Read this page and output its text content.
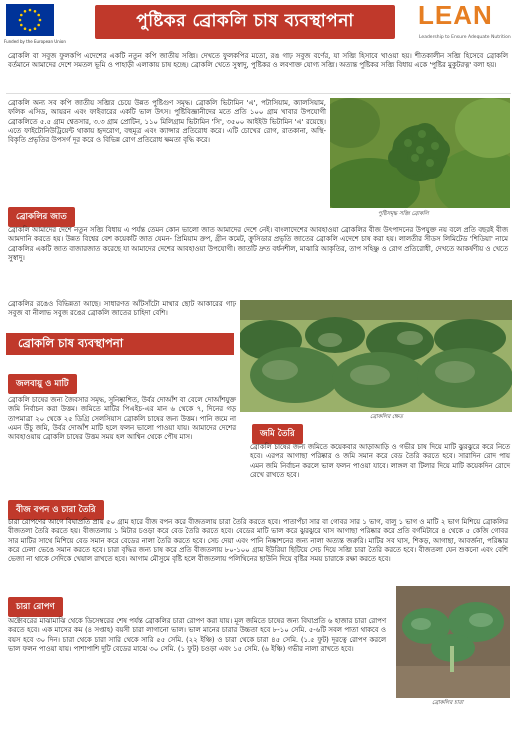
Funded by the European Union
পুষ্টিকর ব্রোকলি চাষ ব্যবস্থাপনা	LEAN
Leadership to Ensure Adequate Nutrition
ব্রোকলি বা সবুজ ফুলকপি এদেশের একটি নতুন কপি জাতীয় সব্জি। দেখতে ফুলকপির মতো, রঙ গাঢ় সবুজ বর্ণের, যা সব্জি হিসাবে খাওয়া হয়। শীতকালীন সব্জি হিসেবে ব্রোকলি বর্তমানে আমাদের দেশে সমতল ভূমি ও পাহাড়ী এলাকায় চাষ হচ্ছে। ব্রোকলি খেতে সুস্বাদু, পুষ্টিকর ও লবণাক্ত যোগ্য সব্জি। অত্যন্ত পুষ্টিকর সব্জি বিধায় একে 'পুষ্টির মুকুটরত্ন' বলা হয়।
ব্রোকলি অন্য সব কপি জাতীয় সব্জির চেয়ে উন্নত পুষ্টিগুণ সমৃদ্ধ। ব্রোকলি ভিটামিন 'এ', পটাসিয়াম, ক্যালসিয়াম, ফলিক এসিড, আয়রন এবং ফাইবারের একটি ভাল উৎস। পুষ্টিবিজ্ঞানীদের মতে প্রতি ১০০ গ্রাম খাবার উপযোগী ব্রোকলিতে ৫.৫ গ্রাম শ্বেতসার, ৩.৩ গ্রাম প্রোটিন, ১১০ মিলিগ্রাম ভিটামিন 'সি', ৩৫০০ আইইউ ভিটামিন 'এ' রয়েছে। এতে ফাইটোনিউট্রিয়েন্ট থাকায় হৃদরোগ, বহুমূত্র এবং ক্যান্সার প্রতিরোধ করে। এটি চোখের রোগ, রাতকানা, অস্থি-বিকৃতি প্রভৃতির উপসর্গ দূর করে ও বিভিন্ন রোগ প্রতিরোধ ক্ষমতা বৃদ্ধি করে।
পুষ্টিসমৃদ্ধ সব্জি ব্রোকলি
ব্রোকলির জাত
ব্রোকলি আমাদের দেশে নতুন সব্জি বিধায় এ পর্যন্ত তেমন কোন ভালো জাত আমাদের দেশে নেই। বাংলাদেশের আবহাওয়া ব্রোকলির বীজ উৎপাদনের উপযুক্ত নয় বলে প্রতি বছরই বীজ আমদানি করতে হয়। উন্নত বিশ্বের বেশ কয়েকটি জাত যেমন- প্রিমিয়াম ক্রপ, গ্রীন কমেট, ক্রুসিডার প্রভৃতি জাতের ব্রোকলি এদেশে চাষ করা হয়। লালতীর সীডস লিমিটেড 'শিডিয়া' নামে ব্রোকলির একটি জাত বাজারজাত করেছে যা আমাদের দেশের আবহাওয়া উপযোগী। জাতটি দ্রুত বর্ধনশীল, মাঝারি আকৃতির, তাপ সহিষ্ণু ও রোগ প্রতিরোধী, দেখতে আকর্ষণীয় ও খেতে সুস্বাদু।
ব্রোকলির রঙেও বিভিন্নতা আছে। সাধারণত আঁটসাঁটো মাথার ছোট আকারের গাঢ় সবুজ বা নীলাভ সবুজ রঙের ব্রোকলি জাতের চাহিদা বেশি।
ব্রোকলি চাষ ব্যবস্থাপনা
ব্রোকলির ক্ষেত
জলবায়ু ও মাটি
ব্রোকলি চাষের জন্য জৈবসার সমৃদ্ধ, সুনিষ্কাশিত, উর্বর দোআঁশ বা বেলে দোআঁশযুক্ত জমি নির্বাচন করা উত্তম। জমিতে মাটির পিএইচ-এর মান ৬ থেকে ৭, দিনের গড় তাপমাত্রা ২০ থেকে ২৫ ডিগ্রি সেলসিয়াস ব্রোকলি চাষের জন্য উত্তম। পানি জমে না এমন উঁচু জমি, উর্বর দোআঁশ মাটি হলে ফলন ভালো পাওয়া যায়। আমাদের দেশের আবহাওয়ায় ব্রোকলি চাষের উত্তম সময় হল আশ্বিন থেকে পৌষ মাস।	জমি তৈরি
ব্রোকলি চাষের জন্য জমিতে কয়েকবার আড়াআড়ি ও গভীর চাষ দিয়ে মাটি ঝুরঝুরে করে নিতে হবে। এরপর আগাছা পরিষ্কার ও জমি সমান করে বেড তৈরি করতে হবে। সারাদিন রোদ পায় এমন জমি নির্বাচন করলে ভাল ফলন পাওয়া যাবে। লাঙ্গল বা টিলার দিয়ে মাটি কয়েকদিন রোদে রেখে রাখতে হবে।
বীজ বপন ও চারা তৈরি
চারা রোপণের আগে বিঘাপ্রতি প্রায় ৫০ গ্রাম হারে বীজ বপন করে বীজতলায় চারা তৈরি করতে হবে। পাতাপঁচা সার বা গোবর সার ১ ভাগ, বালু ১ ভাগ ও মাটি ২ ভাগ মিশিয়ে ব্রোকলির বীজতলা তৈরি করতে হয়। বীজতলায় ১ মিটার চওড়া করে বেড তৈরি করতে হবে। বেডের মাটি ভাল করে ঝুরঝুরে ঘাস আগাছা পরিষ্কার করে প্রতি বর্গমিটারে ৪ থেকে ৫ কেজি গোবর সার মাটির সাথে মিশিয়ে বেড সমান করে বেডের নালা তৈরি করতে হবে। সেচ দেয়া এবং পানি নিষ্কাশনের জন্য নালা অত্যন্ত জরুরি। মাটির সব ঘাস, শিকড়, আগাছা, আবর্জনা, পরিষ্কার করে ঢেলা ভেঙে সমান করতে হবে। চারা বৃদ্ধির জন্য চাষ করে প্রতি বীজতলায় ৮০-১০০ গ্রাম ইউরিয়া ছিটিয়ে সেচ দিয়ে সব্জি চারা তৈরি করতে হবে। বীজতলা যেন শুকনো এবং বেশি ভেজা না থাকে সেদিকে খেয়াল রাখতে হবে। আগাম মৌসুমে বৃষ্টি হলে বীজতলায় পলিথিনের ছাউনি দিয়ে বৃষ্টির সময় চারাকে রক্ষা করতে হবে।
চারা রোপণ
অক্টোবরের মাঝামাঝি থেকে ডিসেম্বরের শেষ পর্যন্ত ব্রোকলির চারা রোপণ করা যায়। মূল জমিতে চাষের জন্য বিঘাপ্রতি ৬ হাজার চারা রোপণ করতে হবে। এক মাসের কম (৪ সপ্তাহ) বয়সী চারা লাগানো ভাল। ভাল মানের চারার উচ্চতা হবে ৮-১০ সেমি. ৫-৬টি সবল পাতা থাকবে ও বয়স হবে ৩০ দিন। চারা থেকে চারা সারি থেকে সারি ৫৫ সেমি. (২২ ইঞ্চি) ও চারা থেকে চারা ৪৫ সেমি. (১.৫ ফুট) দূরত্বে রোপণ করলে ভাল ফলন পাওয়া যায়। পাশাপাশি দুটি বেডের মাঝে ৩০ সেমি. (১ ফুট) চওড়া এবং ১৫ সেমি. (৬ ইঞ্চি) গভীর নালা রাখতে হবে।
ব্রোকলির চারা
